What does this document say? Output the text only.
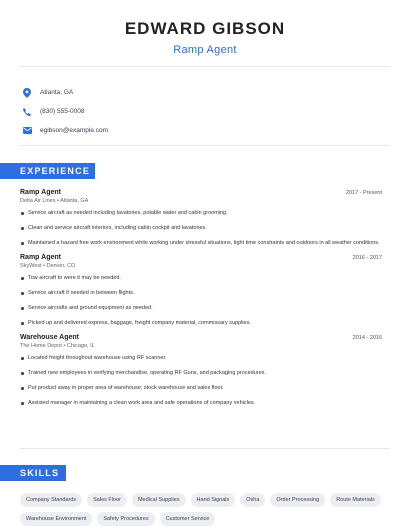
EDWARD GIBSON
Ramp Agent
Atlanta, GA
(830) 555-0008
egibson@example.com
EXPERIENCE
Ramp Agent	2017 - Present
Delta Air Lines • Atlanta, GA
Service aircraft as needed including lavatories, potable water and cabin grooming.
Clean and service aircraft interiors, including cabin cockpit and lavatories.
Maintained a hazard free work environment while working under stressful situations, tight time constraints and outdoors in all weather conditions.
Ramp Agent	2016 - 2017
SkyWest • Denver, CO
Tow aircraft to were it may be needed.
Service aircraft if needed in between flights.
Service aircrafts and ground equipment as needed.
Picked up and delivered express, baggage, freight company material, commissary supplies.
Warehouse Agent	2014 - 2016
The Home Depot • Chicago, IL
Located freight throughout warehouse using RF scanner.
Trained new employees in verifying merchandise, operating RF Guns, and packaging procedures.
Put product away in proper area of warehouse; stock warehouse and sales floor.
Assisted manager in maintaining a clean work area and safe operations of company vehicles.
SKILLS
Company Standards	Sales Floor	Medical Supplies	Hand Signals	Osha	Order Processing	Route Materials
Warehouse Environment	Safety Procedures	Customer Service
